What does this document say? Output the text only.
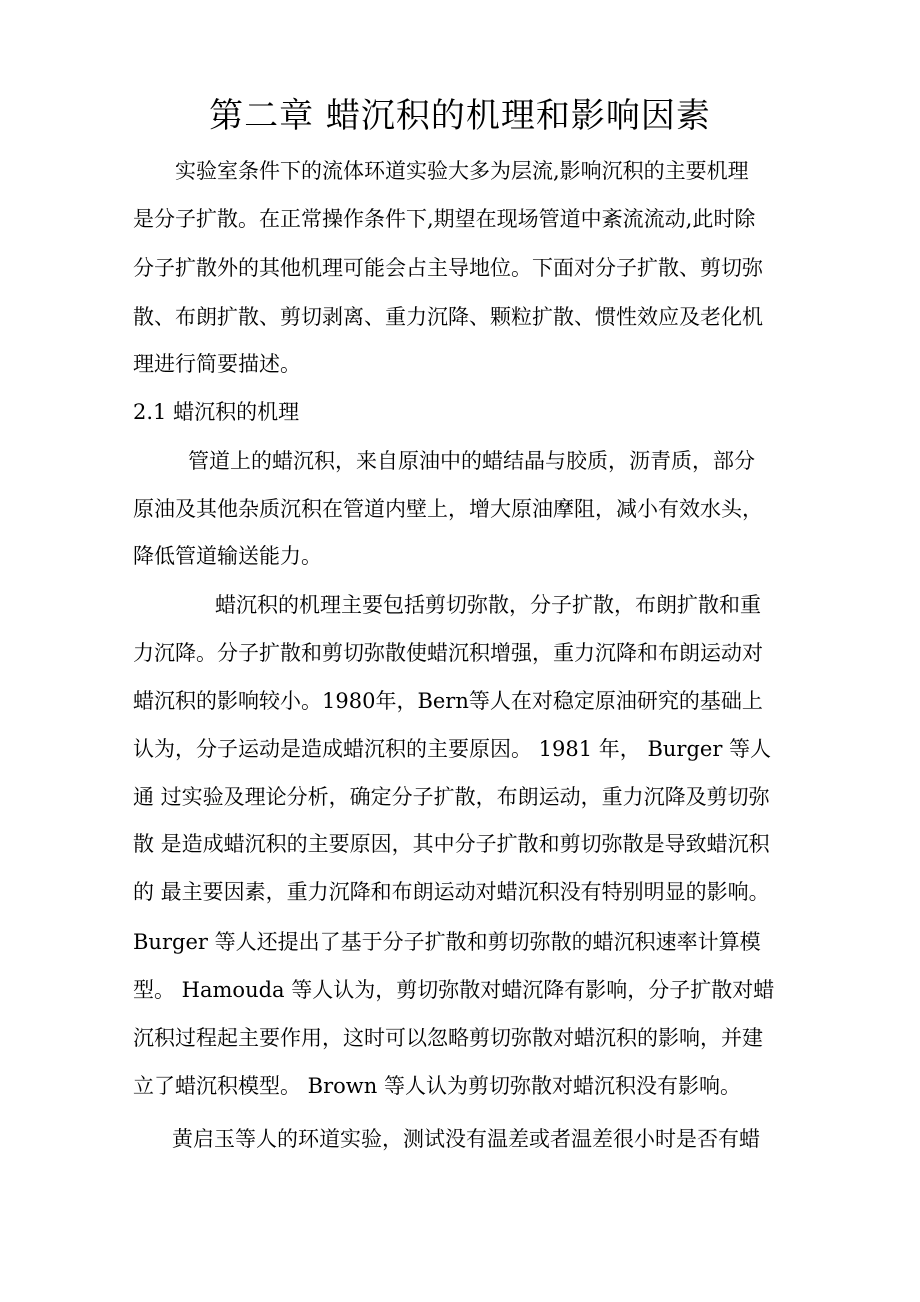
第二章 蜡沉积的机理和影响因素
实验室条件下的流体环道实验大多为层流,影响沉积的主要机理
是分子扩散。在正常操作条件下,期望在现场管道中紊流流动,此时除
分子扩散外的其他机理可能会占主导地位。下面对分子扩散、剪切弥
散、布朗扩散、剪切剥离、重力沉降、颗粒扩散、惯性效应及老化机
理进行简要描述。
2.1 蜡沉积的机理
管道上的蜡沉积，来自原油中的蜡结晶与胶质，沥青质，部分
原油及其他杂质沉积在管道内壁上，增大原油摩阻，减小有效水头，
降低管道输送能力。
蜡沉积的机理主要包括剪切弥散，分子扩散，布朗扩散和重
力沉降。分子扩散和剪切弥散使蜡沉积增强，重力沉降和布朗运动对
蜡沉积的影响较小。1980年，Bern等人在对稳定原油研究的基础上
认为，分子运动是造成蜡沉积的主要原因。 1981 年， Burger 等人
通 过实验及理论分析，确定分子扩散，布朗运动，重力沉降及剪切弥
散 是造成蜡沉积的主要原因，其中分子扩散和剪切弥散是导致蜡沉积
的 最主要因素，重力沉降和布朗运动对蜡沉积没有特别明显的影响。
Burger 等人还提出了基于分子扩散和剪切弥散的蜡沉积速率计算模
型。 Hamouda 等人认为，剪切弥散对蜡沉降有影响，分子扩散对蜡
沉积过程起主要作用，这时可以忽略剪切弥散对蜡沉积的影响，并建
立了蜡沉积模型。 Brown 等人认为剪切弥散对蜡沉积没有影响。
黄启玉等人的环道实验，测试没有温差或者温差很小时是否有蜡
